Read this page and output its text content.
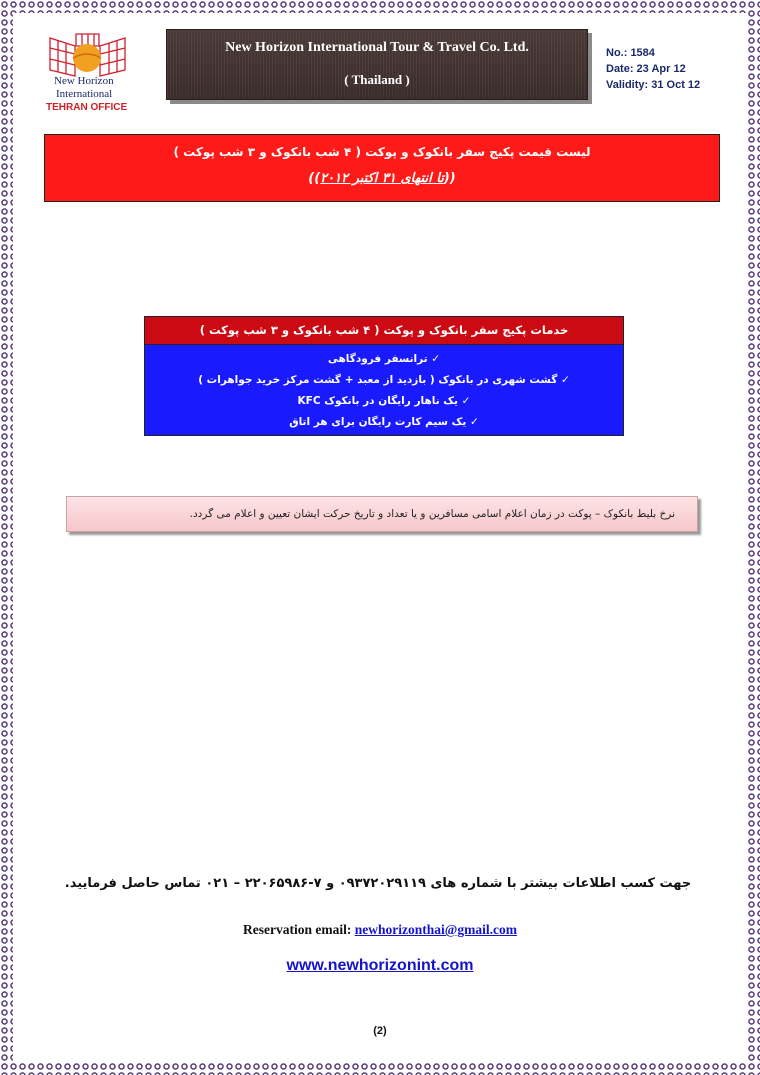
New Horizon
International
TEHRAN OFFICE
New Horizon International Tour & Travel Co. Ltd.
( Thailand )
No.: 1584
Date: 23 Apr 12
Validity: 31 Oct 12
لیست قیمت پکیج سفر بانکوک و پوکت ( ۴ شب بانکوک و ۳ شب پوکت )
((تا انتهای ۳۱ اکتبر ۲۰۱۲))
خدمات پکیج سفر بانکوک و پوکت ( ۴ شب بانکوک و ۳ شب پوکت )
✓ ترانسفر فرودگاهی
✓ گشت شهری در بانکوک ( بازدید از معبد + گشت مرکز خرید جواهرات )
✓ یک ناهار رایگان در بانکوک KFC
✓ یک سیم کارت رایگان برای هر اتاق
نرخ بلیط بانکوک – پوکت در زمان اعلام اسامی مسافرین و یا تعداد و تاریخ حرکت ایشان تعیین و اعلام می گردد.
جهت کسب اطلاعات بیشتر با شماره های ۰۹۳۷۲۰۲۹۱۱۹ و ۷-۲۲۰۶۵۹۸۶ – ۰۲۱ تماس حاصل فرمایید.
Reservation email: newhorizonthai@gmail.com
www.newhorizonint.com
(2)
